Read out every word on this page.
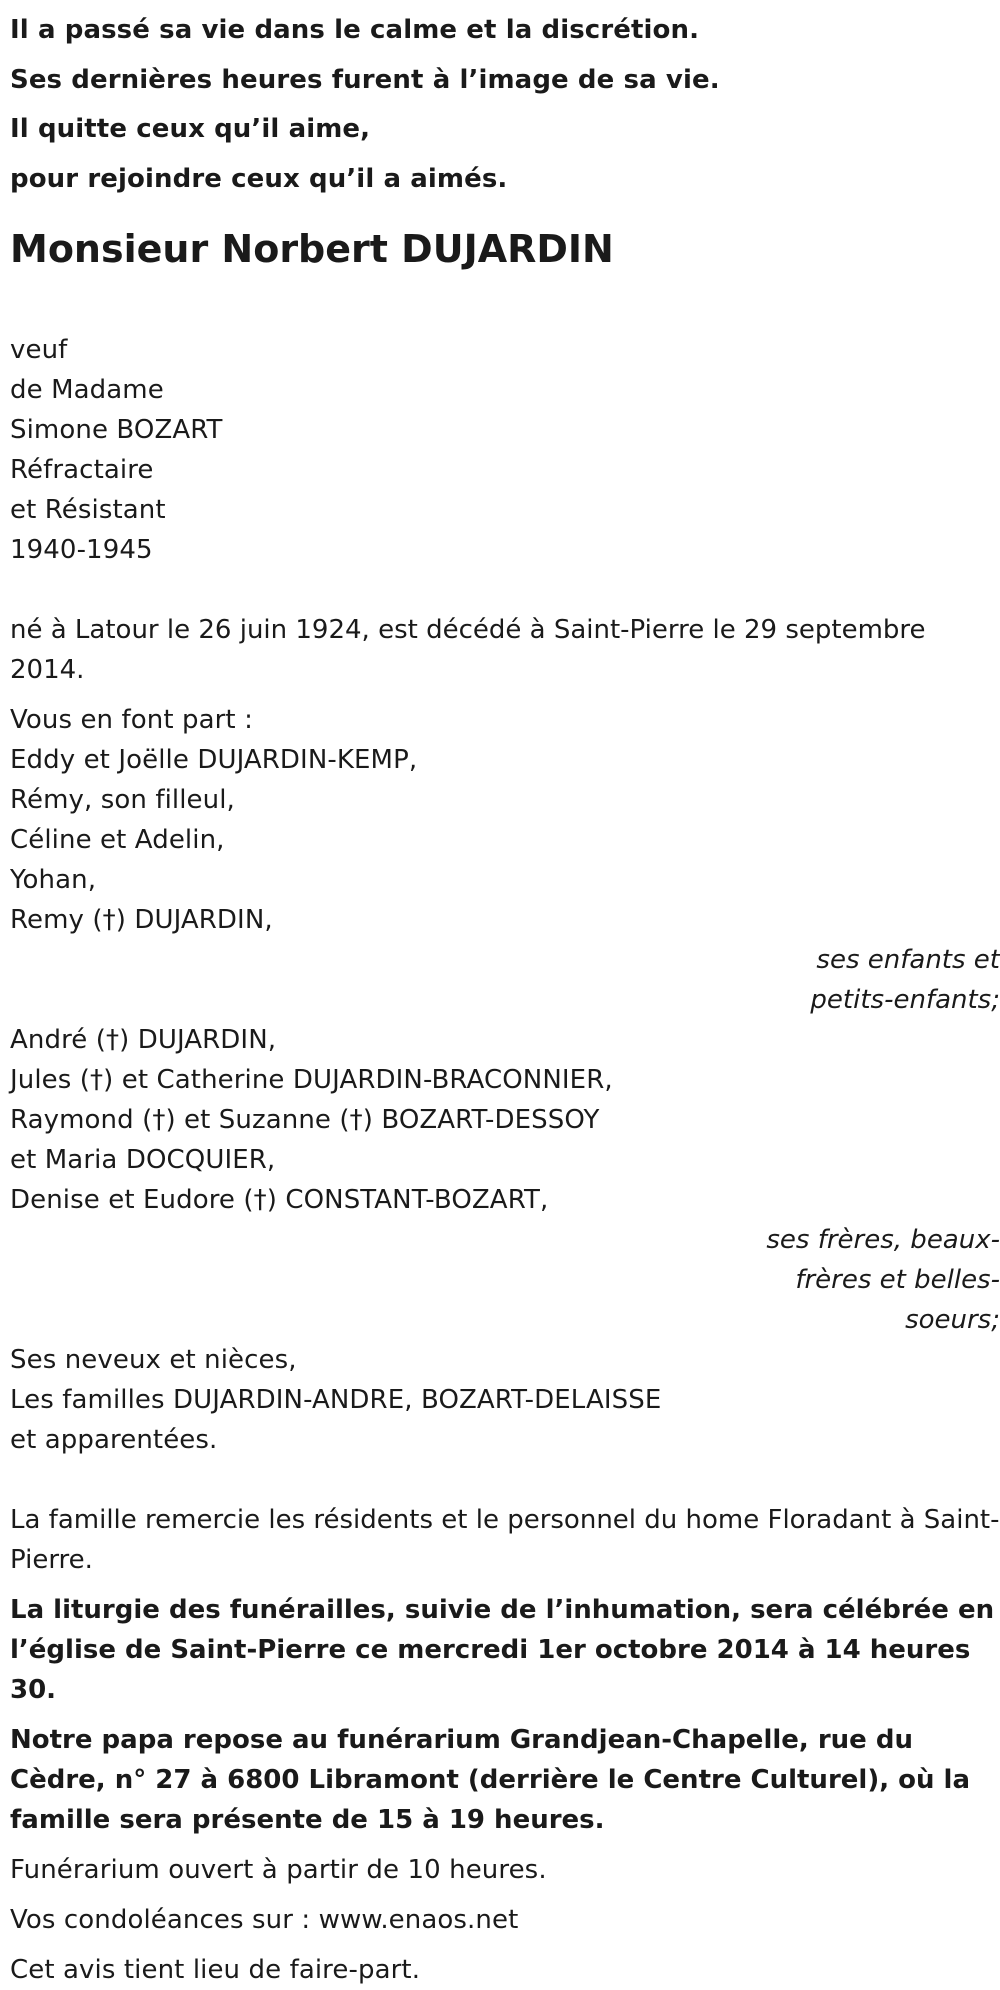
Il a passé sa vie dans le calme et la discrétion.
Ses dernières heures furent à l’image de sa vie.
Il quitte ceux qu’il aime,
pour rejoindre ceux qu’il a aimés.
Monsieur Norbert DUJARDIN
veuf
de Madame
Simone BOZART
Réfractaire
et Résistant
1940-1945
né à Latour le 26 juin 1924, est décédé à Saint-Pierre le 29 septembre 2014.
Vous en font part :
Eddy et Joëlle DUJARDIN-KEMP,
Rémy, son filleul,
Céline et Adelin,
Yohan,
Remy (†) DUJARDIN,
ses enfants et
petits-enfants;
André (†) DUJARDIN,
Jules (†) et Catherine DUJARDIN-BRACONNIER,
Raymond (†) et Suzanne (†) BOZART-DESSOY
et Maria DOCQUIER,
Denise et Eudore (†) CONSTANT-BOZART,
ses frères, beaux-
frères et belles-
soeurs;
Ses neveux et nièces,
Les familles DUJARDIN-ANDRE, BOZART-DELAISSE
et apparentées.
La famille remercie les résidents et le personnel du home Floradant à Saint-Pierre.
La liturgie des funérailles, suivie de l’inhumation, sera célébrée en l’église de Saint-Pierre ce mercredi 1er octobre 2014 à 14 heures 30.
Notre papa repose au funérarium Grandjean-Chapelle, rue du Cèdre, n° 27 à 6800 Libramont (derrière le Centre Culturel), où la famille sera présente de 15 à 19 heures.
Funérarium ouvert à partir de 10 heures.
Vos condoléances sur : www.enaos.net
Cet avis tient lieu de faire-part.
